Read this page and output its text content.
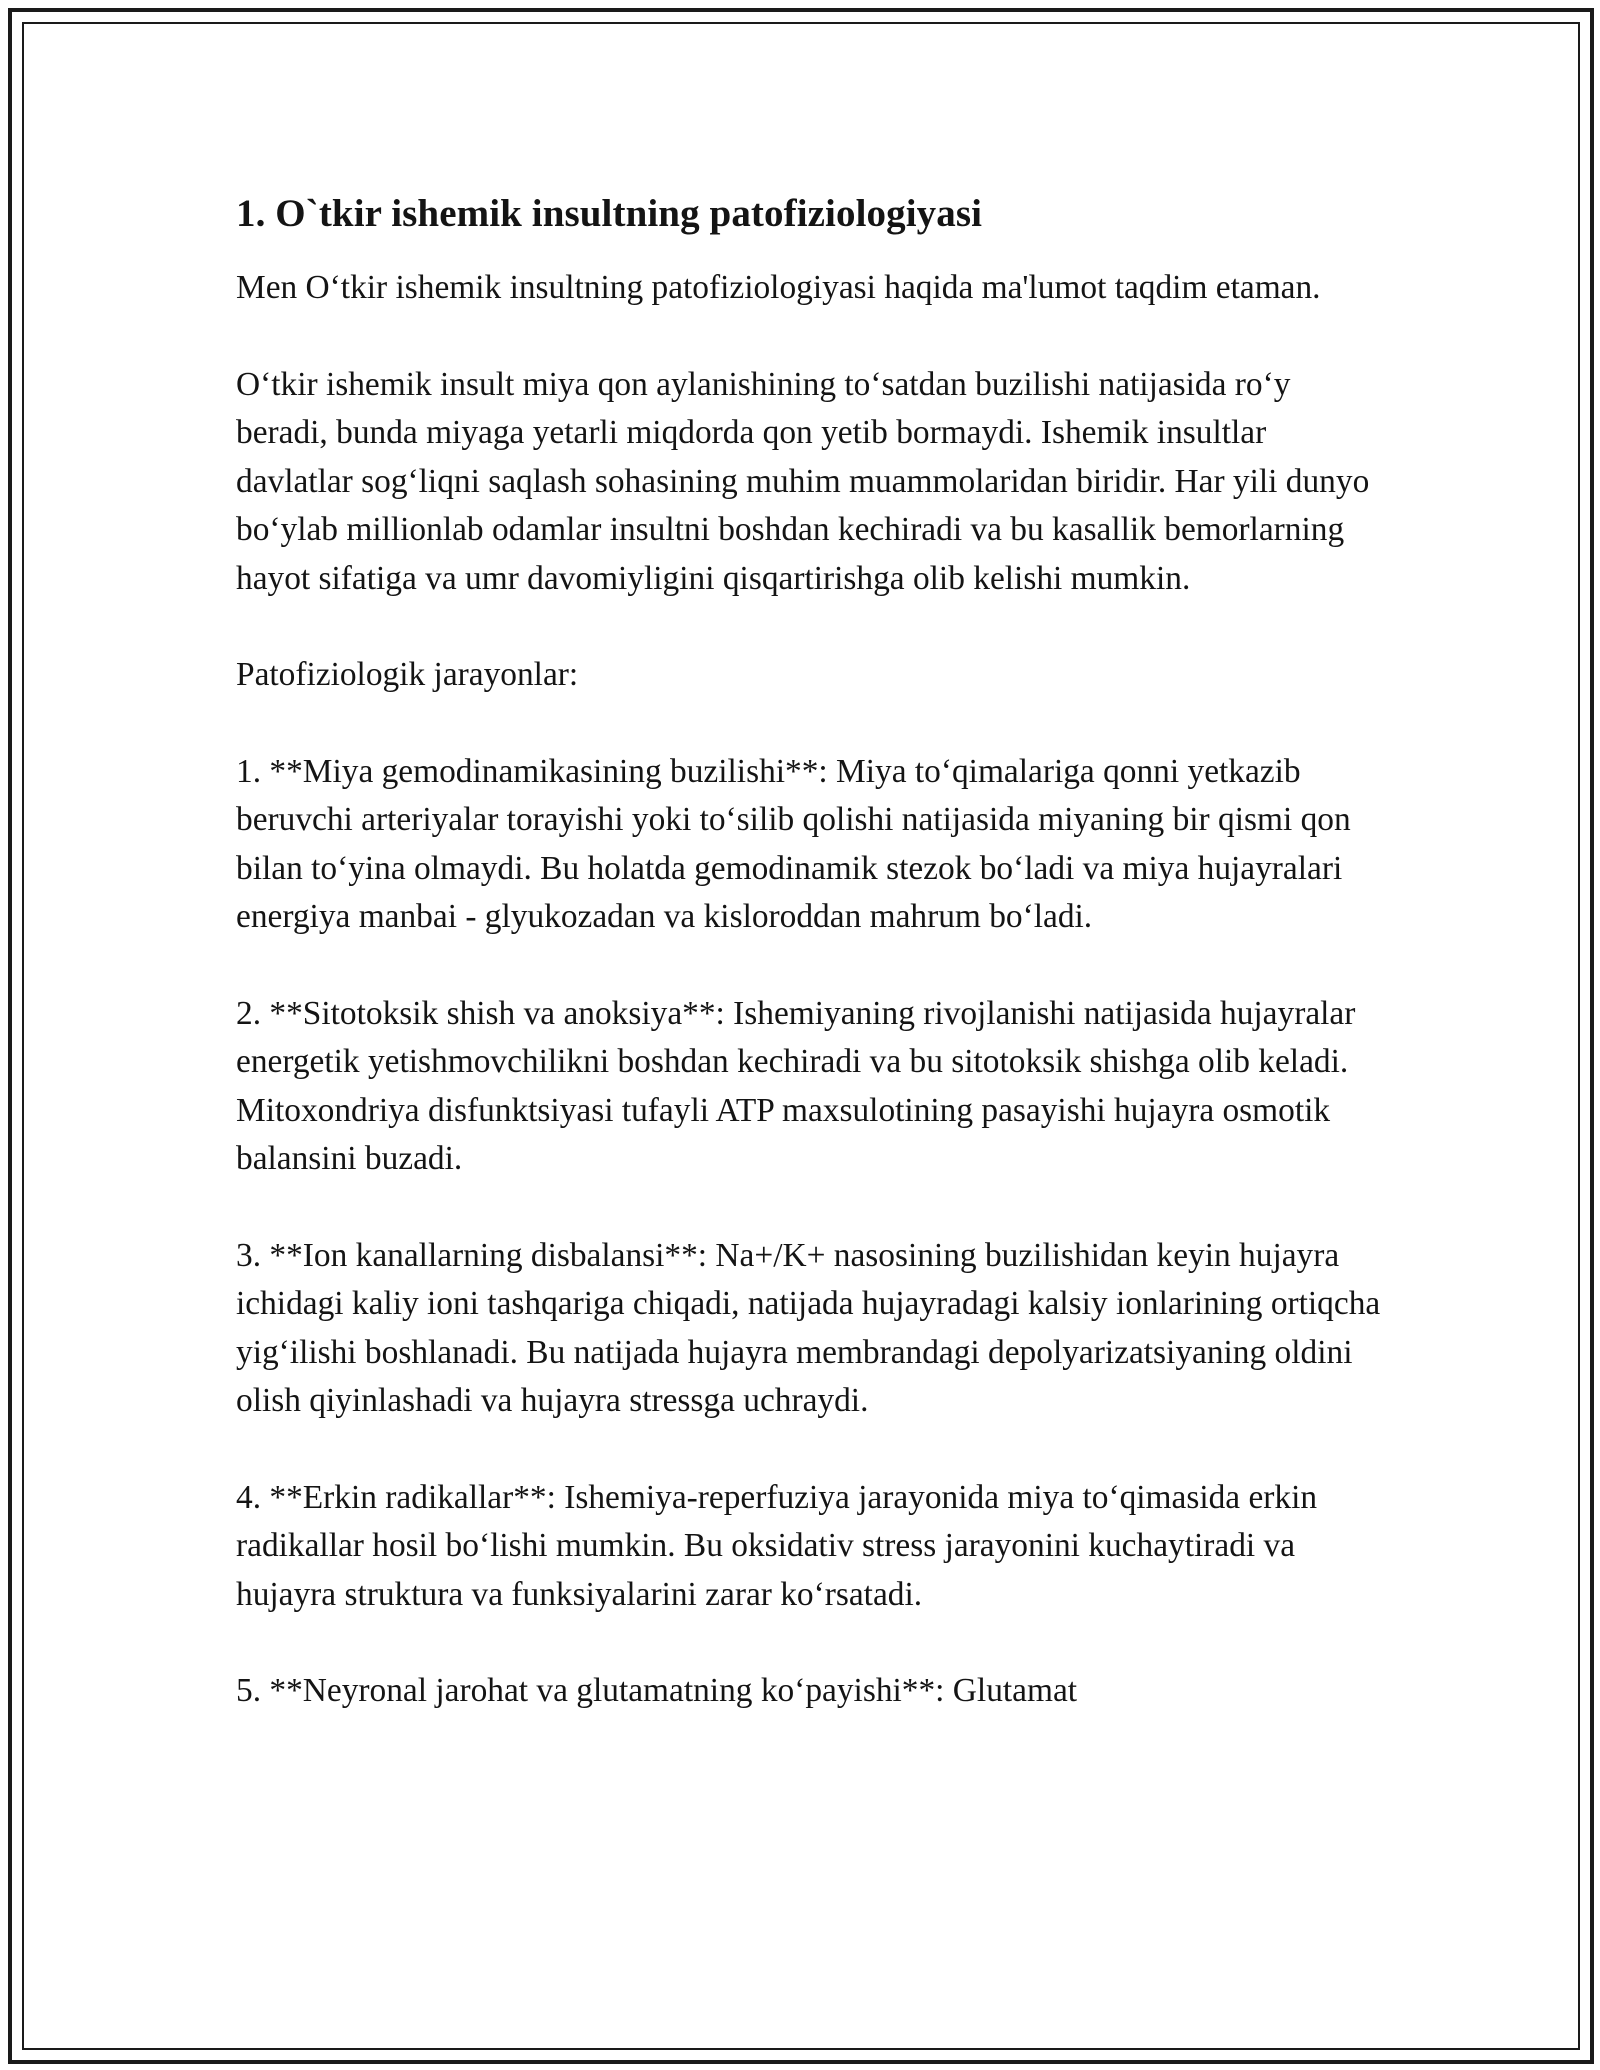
1. O`tkir ishemik insultning patofiziologiyasi

Men O‘tkir ishemik insultning patofiziologiyasi haqida ma'lumot taqdim etaman.

O‘tkir ishemik insult miya qon aylanishining to‘satdan buzilishi natijasida ro‘y beradi, bunda miyaga yetarli miqdorda qon yetib bormaydi. Ishemik insultlar davlatlar sog‘liqni saqlash sohasining muhim muammolaridan biridir. Har yili dunyo bo‘ylab millionlab odamlar insultni boshdan kechiradi va bu kasallik bemorlarning hayot sifatiga va umr davomiyligini qisqartirishga olib kelishi mumkin.

Patofiziologik jarayonlar:

1. **Miya gemodinamikasining buzilishi**: Miya to‘qimalariga qonni yetkazib beruvchi arteriyalar torayishi yoki to‘silib qolishi natijasida miyaning bir qismi qon bilan to‘yina olmaydi. Bu holatda gemodinamik stezok bo‘ladi va miya hujayralari energiya manbai - glyukozadan va kisloroddan mahrum bo‘ladi.

2. **Sitotoksik shish va anoksiya**: Ishemiyaning rivojlanishi natijasida hujayralar energetik yetishmovchilikni boshdan kechiradi va bu sitotoksik shishga olib keladi. Mitoxondriya disfunktsiyasi tufayli ATP maxsulotining pasayishi hujayra osmotik balansini buzadi.

3. **Ion kanallarning disbalansi**: Na+/K+ nasosining buzilishidan keyin hujayra ichidagi kaliy ioni tashqariga chiqadi, natijada hujayradagi kalsiy ionlarining ortiqcha yig‘ilishi boshlanadi. Bu natijada hujayra membrandagi depolyarizatsiyaning oldini olish qiyinlashadi va hujayra stressga uchraydi.

4. **Erkin radikallar**: Ishemiya-reperfuziya jarayonida miya to‘qimasida erkin radikallar hosil bo‘lishi mumkin. Bu oksidativ stress jarayonini kuchaytiradi va hujayra struktura va funksiyalarini zarar ko‘rsatadi.

5. **Neyronal jarohat va glutamatning ko‘payishi**: Glutamat
